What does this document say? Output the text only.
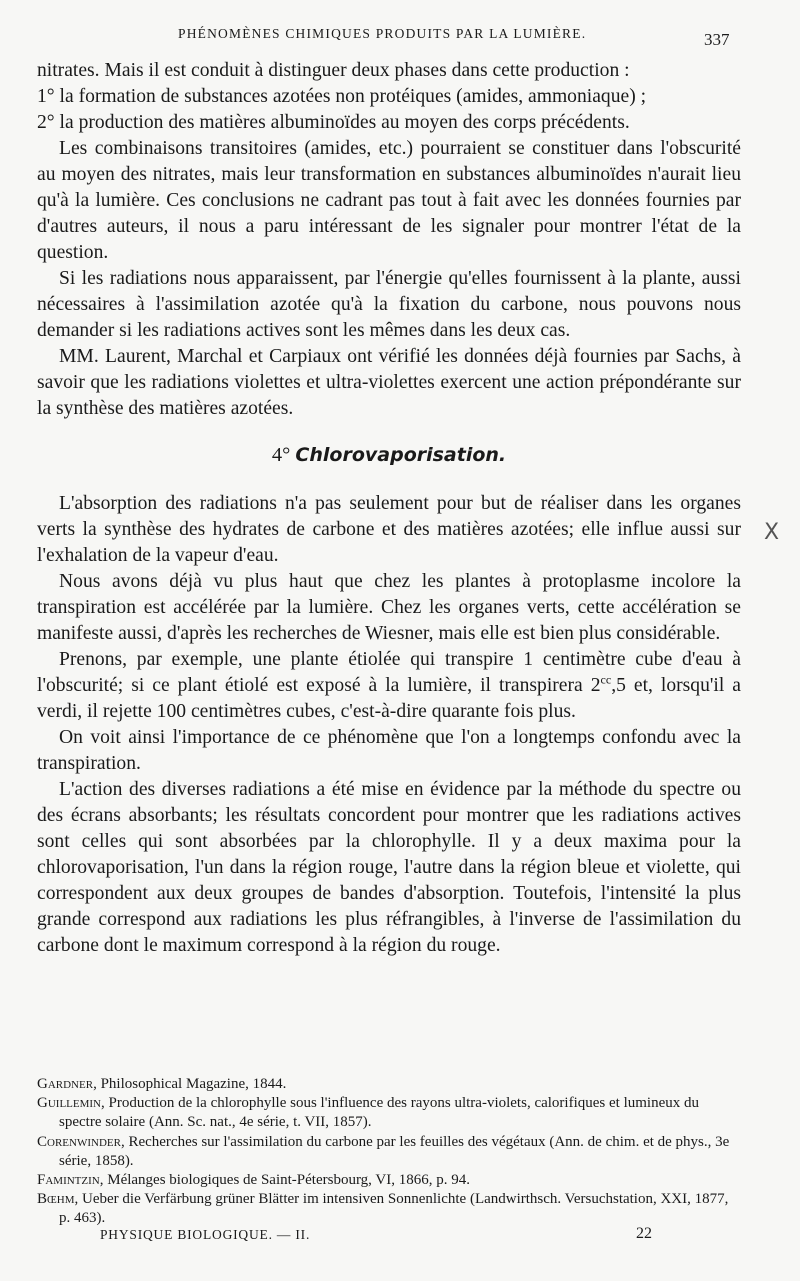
PHÉNOMÈNES CHIMIQUES PRODUITS PAR LA LUMIÈRE.	337

nitrates. Mais il est conduit à distinguer deux phases dans cette production :

1° la formation de substances azotées non protéiques (amides, ammoniaque) ;

2° la production des matières albuminoïdes au moyen des corps précédents.

Les combinaisons transitoires (amides, etc.) pourraient se constituer dans l'obscurité au moyen des nitrates, mais leur transformation en substances albuminoïdes n'aurait lieu qu'à la lumière. Ces conclusions ne cadrant pas tout à fait avec les données fournies par d'autres auteurs, il nous a paru intéressant de les signaler pour montrer l'état de la question.

Si les radiations nous apparaissent, par l'énergie qu'elles fournissent à la plante, aussi nécessaires à l'assimilation azotée qu'à la fixation du carbone, nous pouvons nous demander si les radiations actives sont les mêmes dans les deux cas.

MM. Laurent, Marchal et Carpiaux ont vérifié les données déjà fournies par Sachs, à savoir que les radiations violettes et ultra-violettes exercent une action prépondérante sur la synthèse des matières azotées.

4° Chlorovaporisation.

L'absorption des radiations n'a pas seulement pour but de réaliser dans les organes verts la synthèse des hydrates de carbone et des matières azotées; elle influe aussi sur l'exhalation de la vapeur d'eau.

Nous avons déjà vu plus haut que chez les plantes à protoplasme incolore la transpiration est accélérée par la lumière. Chez les organes verts, cette accélération se manifeste aussi, d'après les recherches de Wiesner, mais elle est bien plus considérable.

Prenons, par exemple, une plante étiolée qui transpire 1 centimètre cube d'eau à l'obscurité; si ce plant étiolé est exposé à la lumière, il transpirera $2^{cc},5$ et, lorsqu'il a verdi, il rejette 100 centimètres cubes, c'est-à-dire quarante fois plus.

On voit ainsi l'importance de ce phénomène que l'on a longtemps confondu avec la transpiration.

L'action des diverses radiations a été mise en évidence par la méthode du spectre ou des écrans absorbants; les résultats concordent pour montrer que les radiations actives sont celles qui sont absorbées par la chlorophylle. Il y a deux maxima pour la chlorovaporisation, l'un dans la région rouge, l'autre dans la région bleue et violette, qui correspondent aux deux groupes de bandes d'absorption. Toutefois, l'intensité la plus grande correspond aux radiations les plus réfrangibles, à l'inverse de l'assimilation du carbone dont le maximum correspond à la région du rouge.

X
Gardner, Philosophical Magazine, 1844.
Guillemin, Production de la chlorophylle sous l'influence des rayons ultra-violets, calorifiques et lumineux du spectre solaire (Ann. Sc. nat., 4e série, t. VII, 1857).
Corenwinder, Recherches sur l'assimilation du carbone par les feuilles des végétaux (Ann. de chim. et de phys., 3e série, 1858).
Famintzin, Mélanges biologiques de Saint-Pétersbourg, VI, 1866, p. 94.
Bœhm, Ueber die Verfärbung grüner Blätter im intensiven Sonnenlichte (Landwirthsch. Versuchstation, XXI, 1877, p. 463).
PHYSIQUE BIOLOGIQUE. — II.	22
